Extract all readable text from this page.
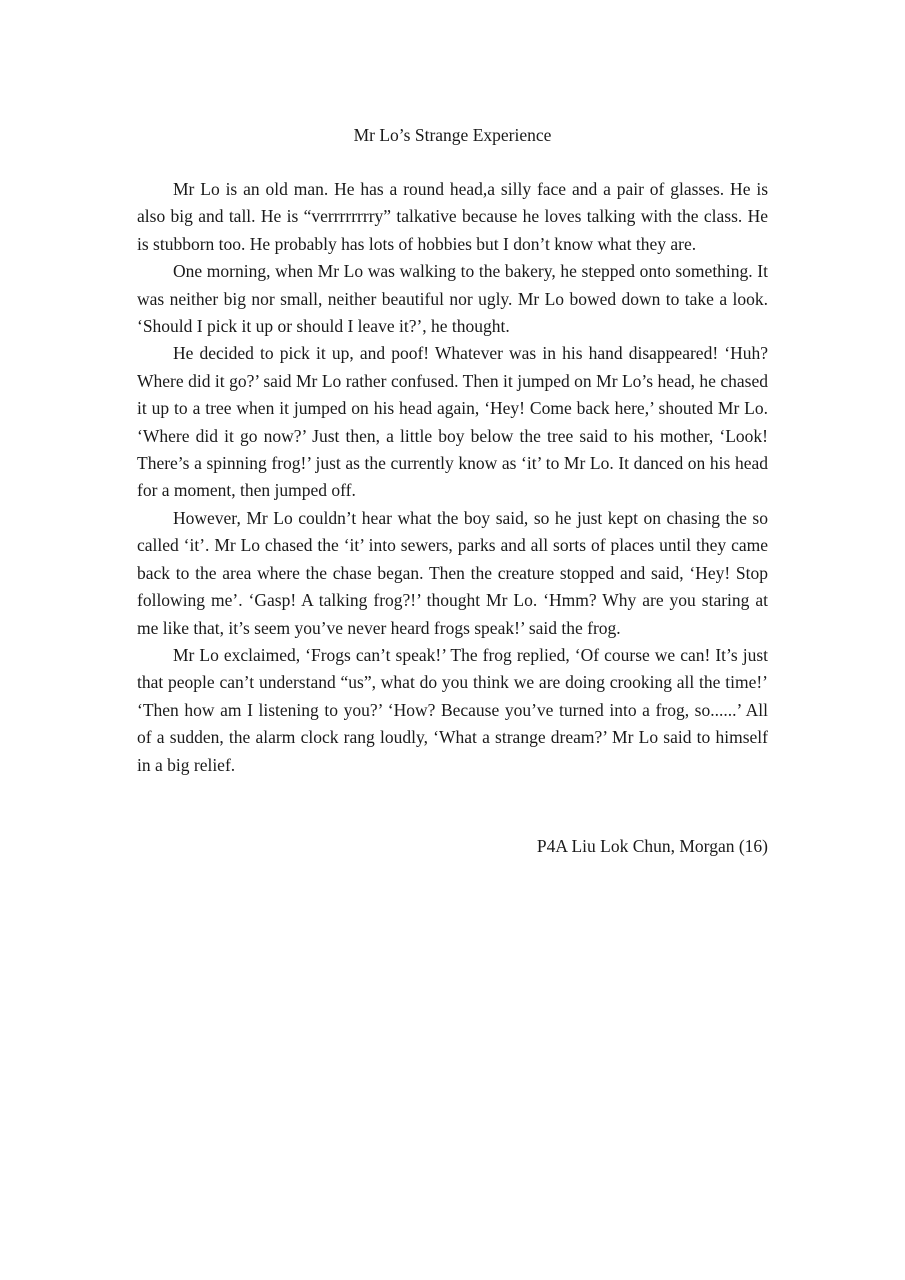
Mr Lo’s Strange Experience

Mr Lo is an old man. He has a round head,a silly face and a pair of glasses. He is also big and tall. He is “verrrrrrrry” talkative because he loves talking with the class. He is stubborn too. He probably has lots of hobbies but I don’t know what they are.

One morning, when Mr Lo was walking to the bakery, he stepped onto something. It was neither big nor small, neither beautiful nor ugly. Mr Lo bowed down to take a look. ‘Should I pick it up or should I leave it?’, he thought.

He decided to pick it up, and poof! Whatever was in his hand disappeared! ‘Huh? Where did it go?’ said Mr Lo rather confused. Then it jumped on Mr Lo’s head, he chased it up to a tree when it jumped on his head again, ‘Hey! Come back here,’ shouted Mr Lo. ‘Where did it go now?’ Just then, a little boy below the tree said to his mother, ‘Look! There’s a spinning frog!’ just as the currently know as ‘it’ to Mr Lo. It danced on his head for a moment, then jumped off.

However, Mr Lo couldn’t hear what the boy said, so he just kept on chasing the so called ‘it’. Mr Lo chased the ‘it’ into sewers, parks and all sorts of places until they came back to the area where the chase began. Then the creature stopped and said, ‘Hey! Stop following me’. ‘Gasp! A talking frog?!’ thought Mr Lo. ‘Hmm? Why are you staring at me like that, it’s seem you’ve never heard frogs speak!’ said the frog.

Mr Lo exclaimed, ‘Frogs can’t speak!’ The frog replied, ‘Of course we can! It’s just that people can’t understand “us”, what do you think we are doing crooking all the time!’ ‘Then how am I listening to you?’ ‘How? Because you’ve turned into a frog, so......’ All of a sudden, the alarm clock rang loudly, ‘What a strange dream?’ Mr Lo said to himself in a big relief.

P4A Liu Lok Chun, Morgan (16)
